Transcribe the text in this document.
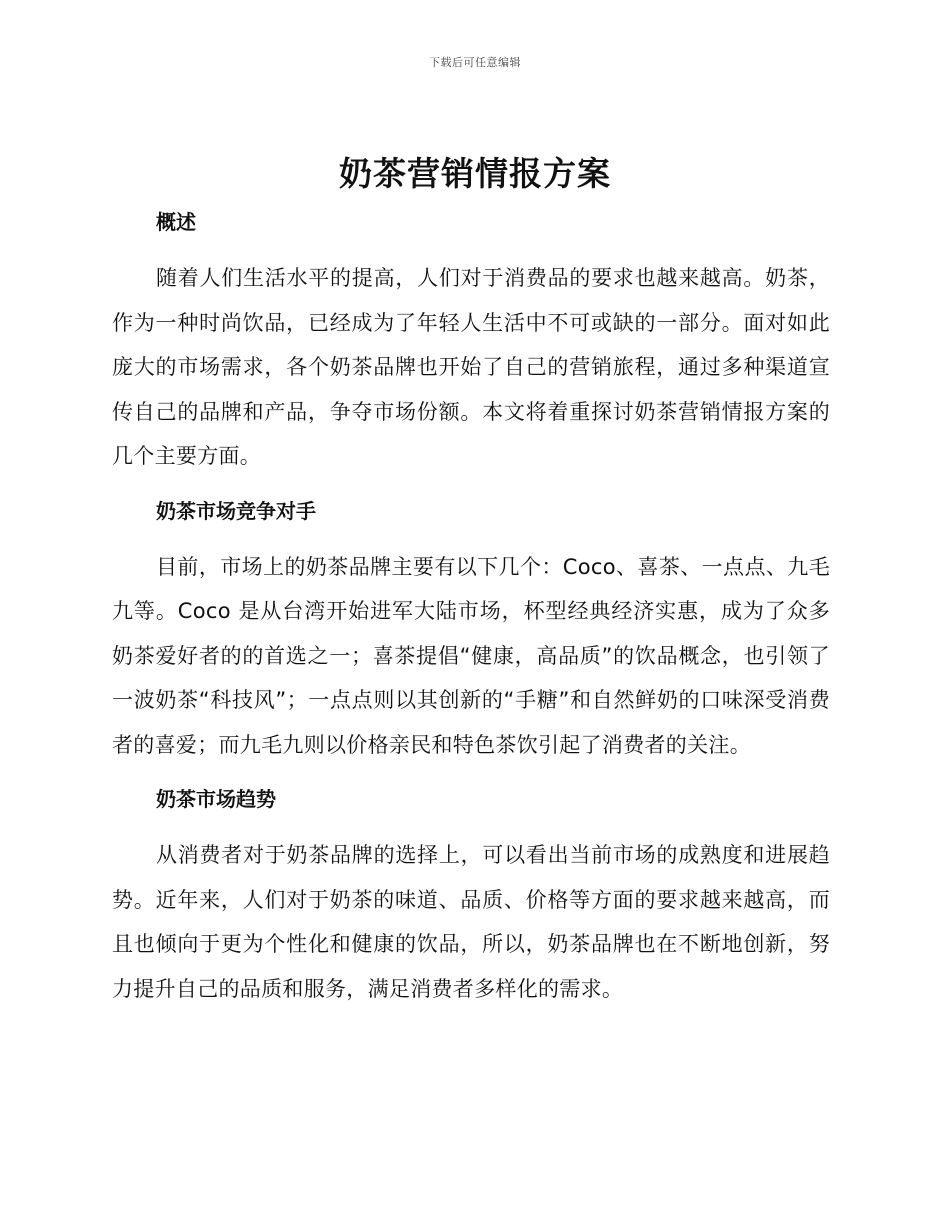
下载后可任意编辑
奶茶营销情报方案
概述

随着人们生活水平的提高，人们对于消费品的要求也越来越高。奶茶，作为一种时尚饮品，已经成为了年轻人生活中不可或缺的一部分。面对如此庞大的市场需求，各个奶茶品牌也开始了自己的营销旅程，通过多种渠道宣传自己的品牌和产品，争夺市场份额。本文将着重探讨奶茶营销情报方案的几个主要方面。

奶茶市场竞争对手

目前，市场上的奶茶品牌主要有以下几个：Coco、喜茶、一点点、九毛九等。Coco 是从台湾开始进军大陆市场，杯型经典经济实惠，成为了众多奶茶爱好者的的首选之一；喜茶提倡“健康，高品质”的饮品概念，也引领了一波奶茶“科技风”；一点点则以其创新的“手糖”和自然鲜奶的口味深受消费者的喜爱；而九毛九则以价格亲民和特色茶饮引起了消费者的关注。

奶茶市场趋势

从消费者对于奶茶品牌的选择上，可以看出当前市场的成熟度和进展趋势。近年来，人们对于奶茶的味道、品质、价格等方面的要求越来越高，而且也倾向于更为个性化和健康的饮品，所以，奶茶品牌也在不断地创新，努力提升自己的品质和服务，满足消费者多样化的需求。
